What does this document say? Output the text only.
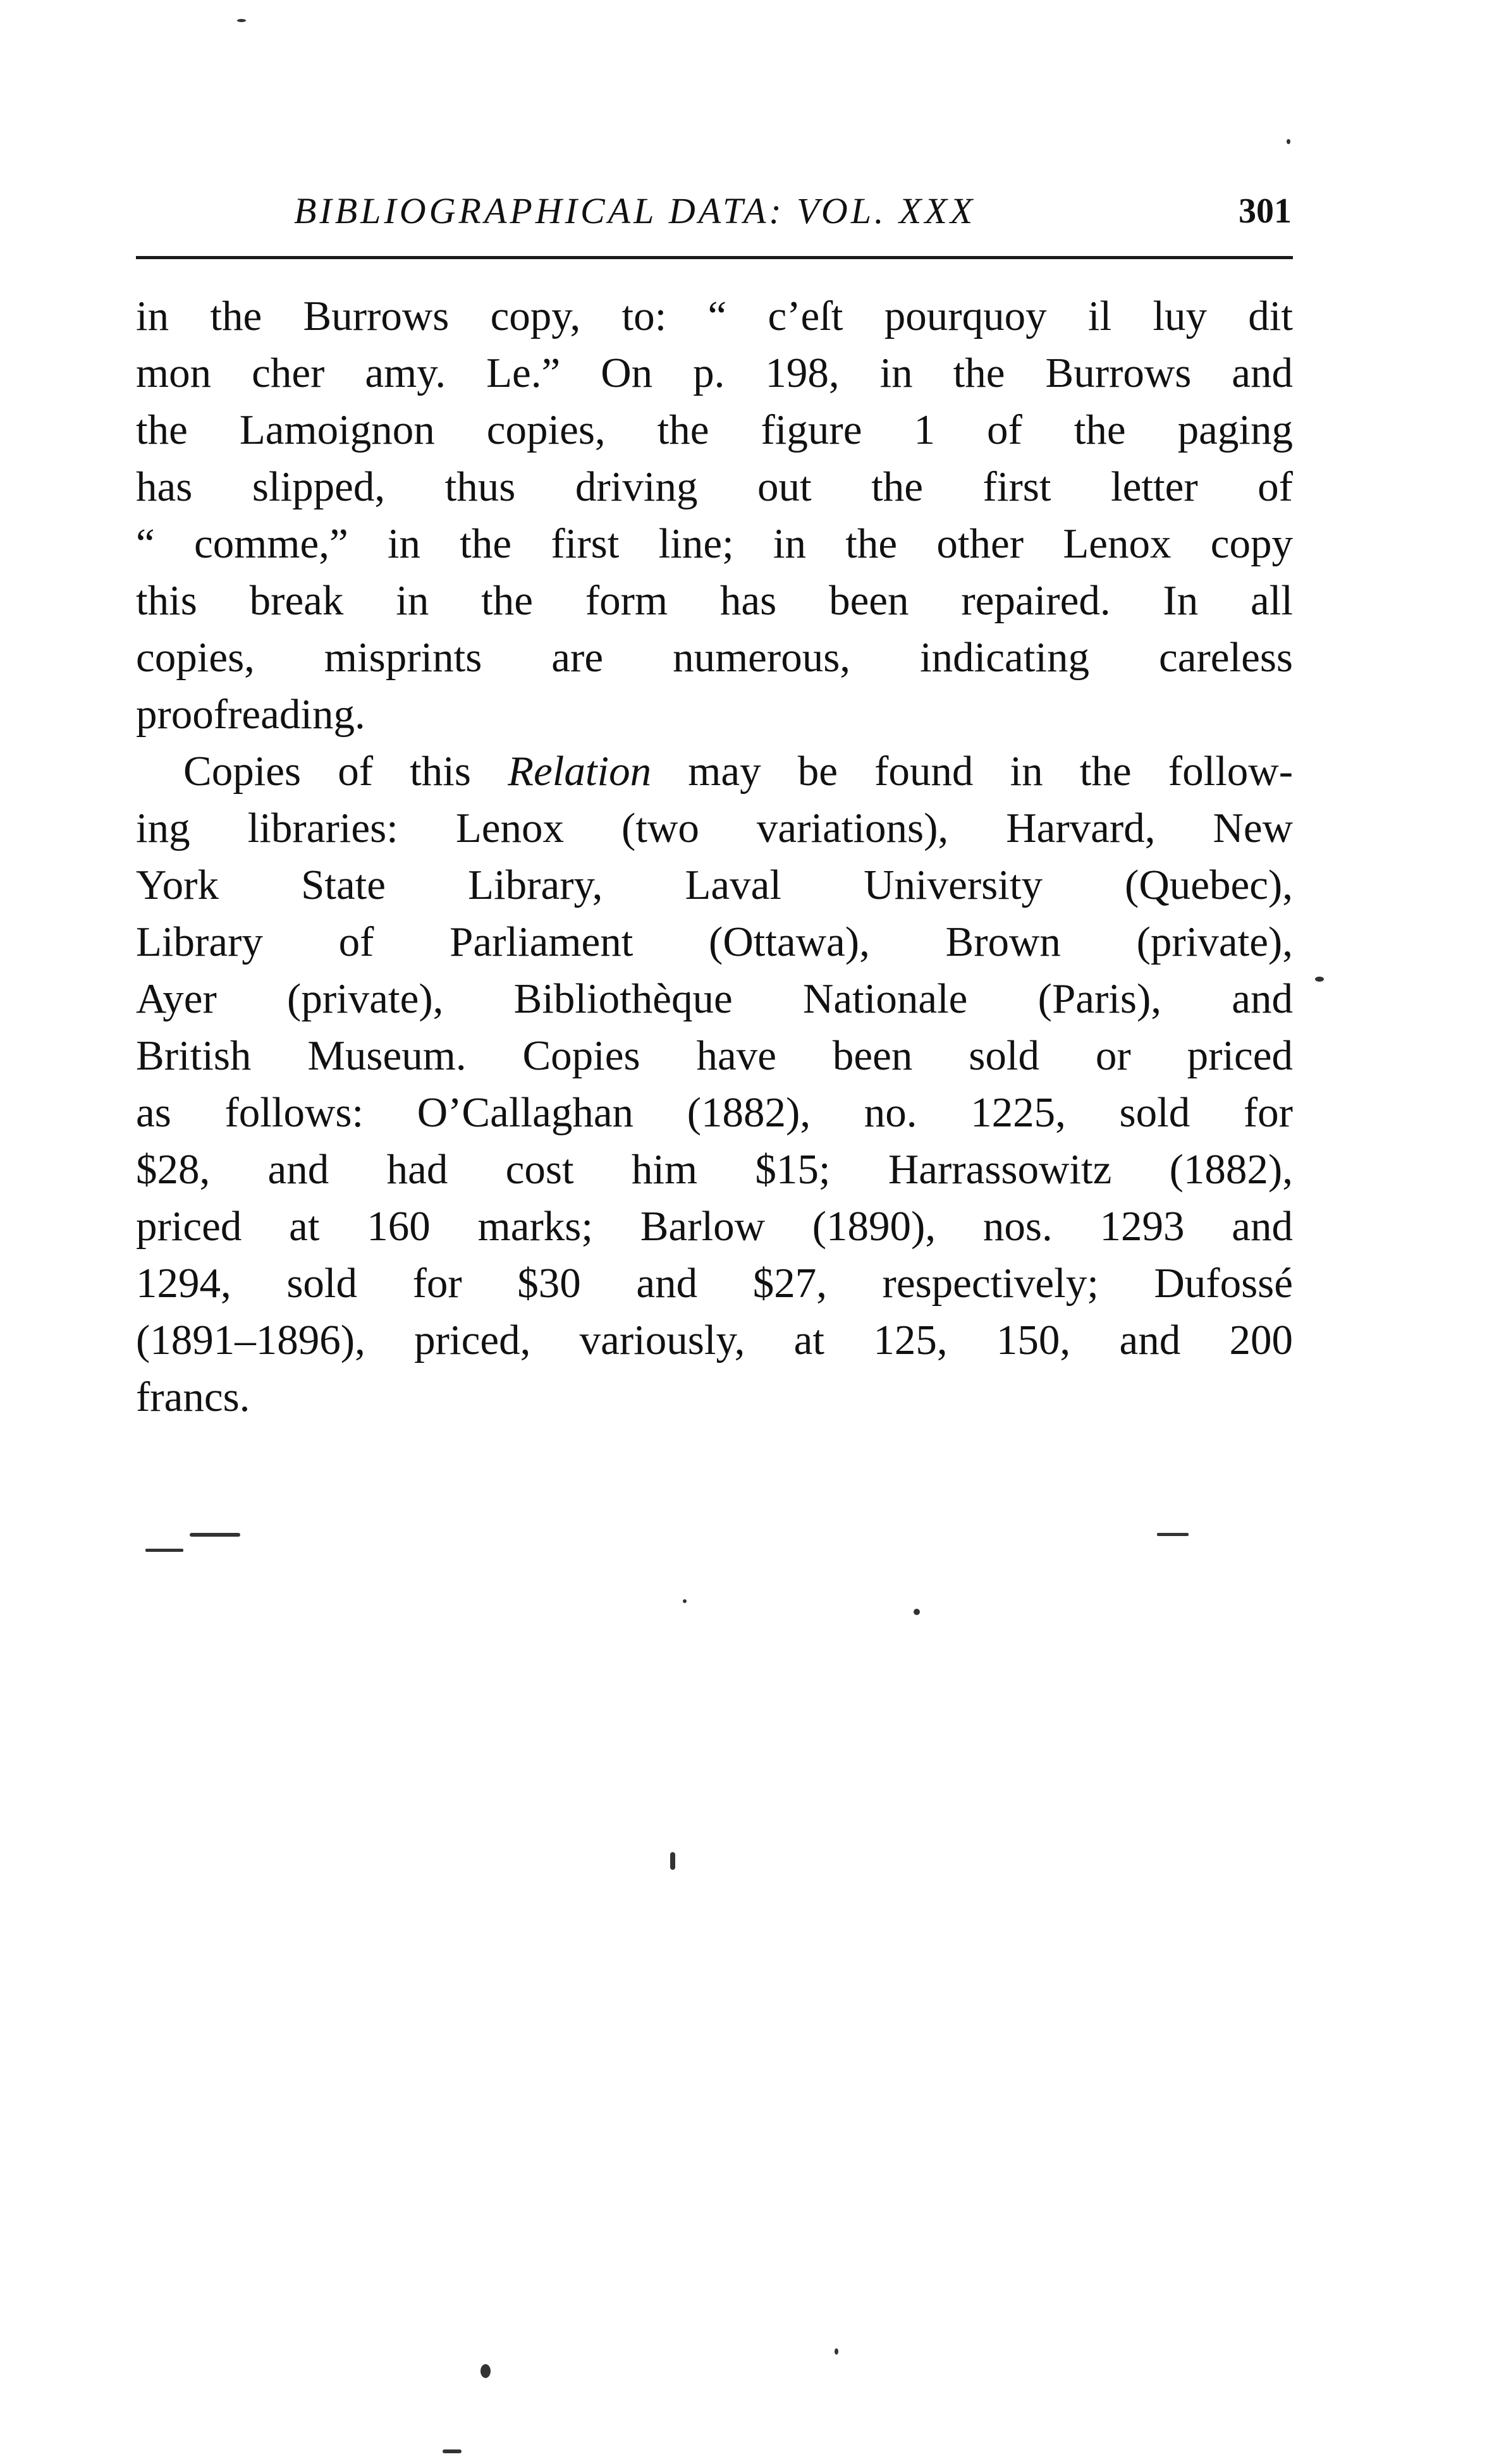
BIBLIOGRAPHICAL DATA: VOL. XXX	301
in the Burrows copy, to: “ c’eſt pourquoy il luy dit
mon cher amy. Le.” On p. 198, in the Burrows and
the Lamoignon copies, the figure 1 of the paging
has slipped, thus driving out the first letter of
“ comme,” in the first line; in the other Lenox copy
this break in the form has been repaired. In all
copies, misprints are numerous, indicating careless
proofreading.
Copies of this Relation may be found in the follow-
ing libraries: Lenox (two variations), Harvard, New
York State Library, Laval University (Quebec),
Library of Parliament (Ottawa), Brown (private),
Ayer (private), Bibliothèque Nationale (Paris), and
British Museum. Copies have been sold or priced
as follows: O’Callaghan (1882), no. 1225, sold for
$28, and had cost him $15; Harrassowitz (1882),
priced at 160 marks; Barlow (1890), nos. 1293 and
1294, sold for $30 and $27, respectively; Dufossé
(1891–1896), priced, variously, at 125, 150, and 200
francs.
